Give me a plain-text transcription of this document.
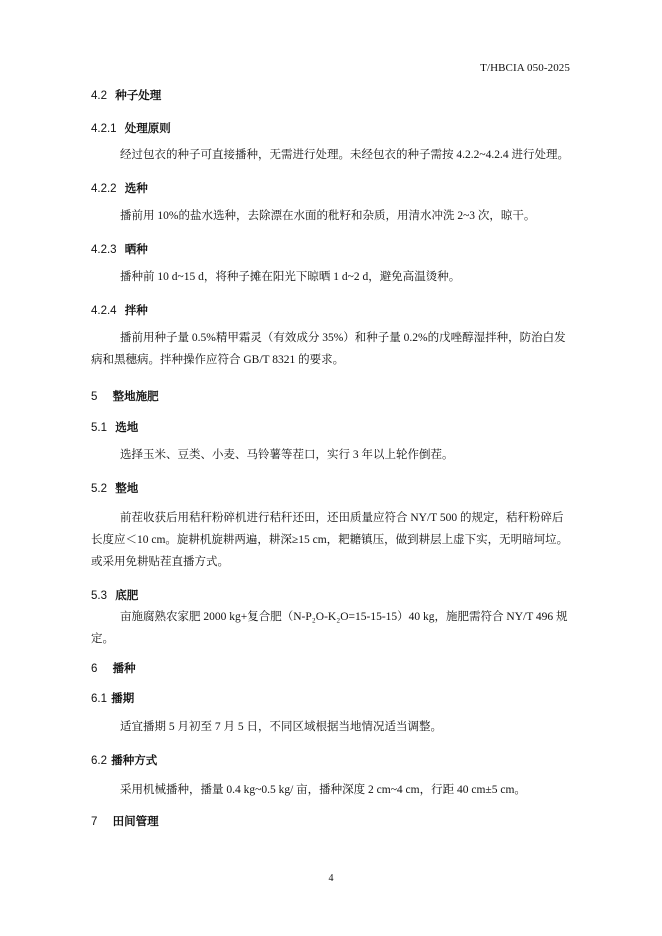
T/HBCIA 050-2025
4.2 种子处理
4.2.1 处理原则
经过包衣的种子可直接播种，无需进行处理。未经包衣的种子需按 4.2.2~4.2.4 进行处理。
4.2.2 选种
播前用 10%的盐水选种，去除漂在水面的秕籽和杂质，用清水冲洗 2~3 次，晾干。
4.2.3 晒种
播种前 10 d~15 d，将种子摊在阳光下晾晒 1 d~2 d，避免高温烫种。
4.2.4 拌种
播前用种子量 0.5%精甲霜灵（有效成分 35%）和种子量 0.2%的戊唑醇湿拌种，防治白发病和黑穗病。拌种操作应符合 GB/T 8321 的要求。
5 整地施肥
5.1 选地
选择玉米、豆类、小麦、马铃薯等茬口，实行 3 年以上轮作倒茬。
5.2 整地
前茬收获后用秸秆粉碎机进行秸秆还田，还田质量应符合 NY/T 500 的规定，秸秆粉碎后长度应＜10 cm。旋耕机旋耕两遍，耕深≥15 cm，耙耱镇压，做到耕层上虚下实，无明暗坷垃。或采用免耕贴茬直播方式。
5.3 底肥
亩施腐熟农家肥 2000 kg+复合肥（N-P₂O-K₂O=15-15-15）40 kg，施肥需符合 NY/T 496 规定。
6 播种
6.1 播期
适宜播期 5 月初至 7 月 5 日，不同区域根据当地情况适当调整。
6.2 播种方式
采用机械播种，播量 0.4 kg~0.5 kg/ 亩，播种深度 2 cm~4 cm，行距 40 cm±5 cm。
7 田间管理
4
